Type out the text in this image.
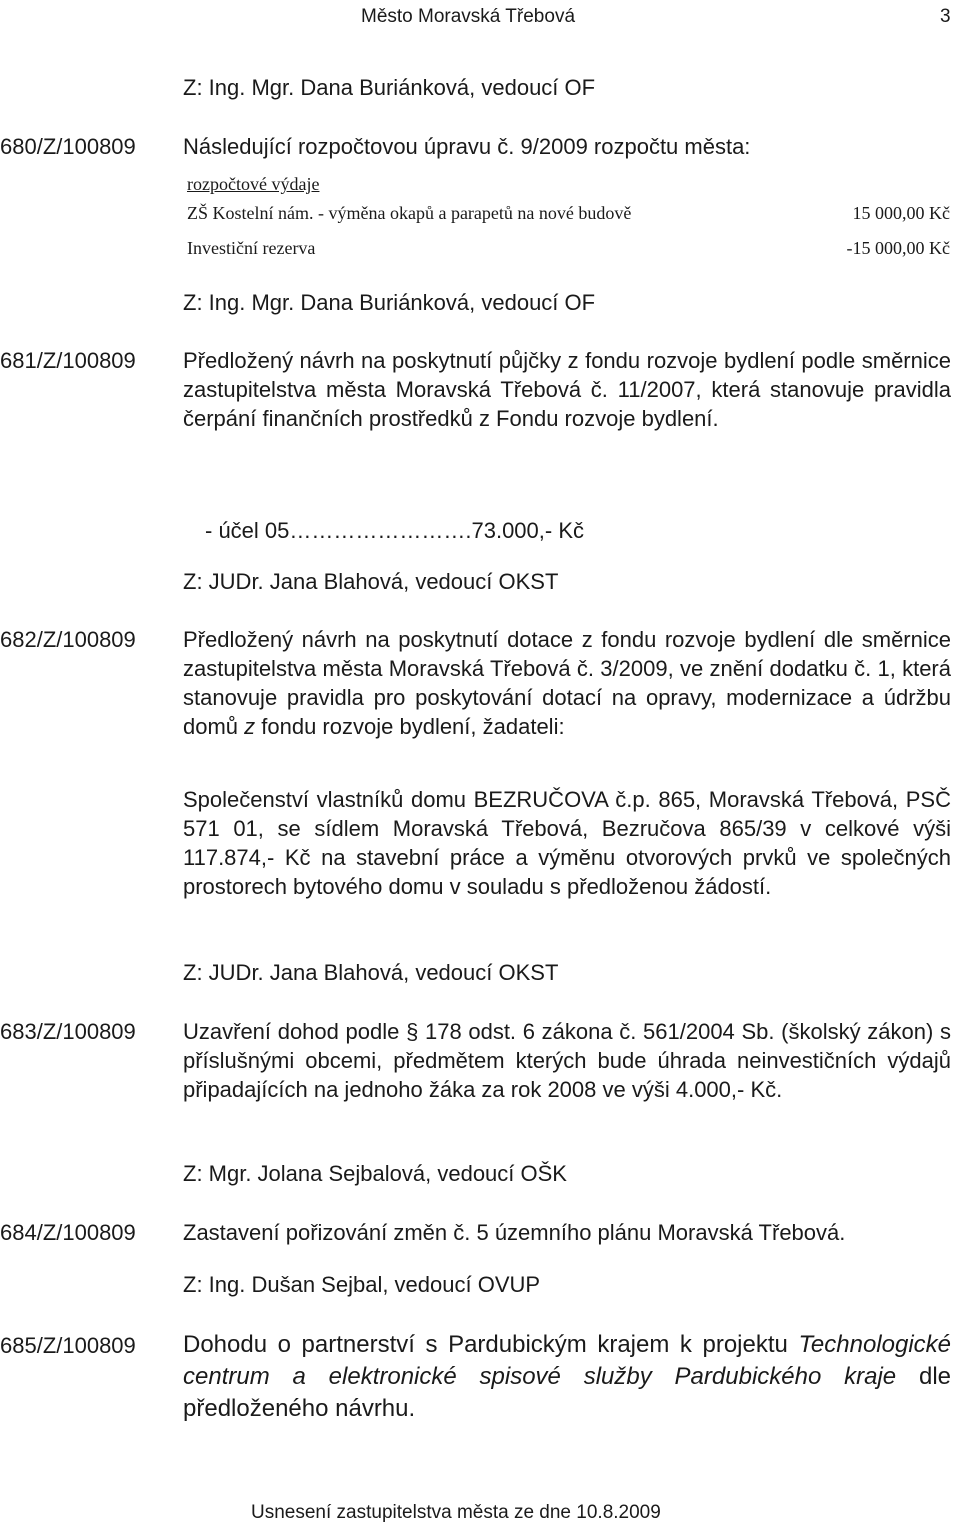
Město Moravská Třebová	3
Z: Ing. Mgr. Dana Buriánková, vedoucí OF
680/Z/100809	Následující rozpočtovou úpravu č. 9/2009 rozpočtu města:
rozpočtové výdaje
ZŠ Kostelní nám. - výměna okapů a parapetů na nové budově	15 000,00 Kč
Investiční rezerva	-15 000,00 Kč
Z: Ing. Mgr. Dana Buriánková, vedoucí OF
681/Z/100809	Předložený návrh na poskytnutí půjčky z fondu rozvoje bydlení podle směrnice zastupitelstva města Moravská Třebová č. 11/2007, která stanovuje pravidla čerpání finančních prostředků z Fondu rozvoje bydlení.
- účel 05…………………….73.000,- Kč
Z: JUDr. Jana Blahová, vedoucí OKST
682/Z/100809	Předložený návrh na poskytnutí dotace z fondu rozvoje bydlení dle směrnice zastupitelstva města Moravská Třebová č. 3/2009, ve znění dodatku č. 1, která stanovuje pravidla pro poskytování dotací na opravy, modernizace a údržbu domů z fondu rozvoje bydlení, žadateli:
Společenství vlastníků domu BEZRUČOVA č.p. 865, Moravská Třebová, PSČ 571 01, se sídlem Moravská Třebová, Bezručova 865/39 v celkové výši 117.874,- Kč na stavební práce a výměnu otvorových prvků ve společných prostorech bytového domu v souladu s předloženou žádostí.
Z: JUDr. Jana Blahová, vedoucí OKST
683/Z/100809	Uzavření dohod podle § 178 odst. 6 zákona č. 561/2004 Sb. (školský zákon) s příslušnými obcemi, předmětem kterých bude úhrada neinvestičních výdajů připadajících na jednoho žáka za rok 2008 ve výši 4.000,- Kč.
Z: Mgr. Jolana Sejbalová, vedoucí OŠK
684/Z/100809	Zastavení pořizování změn č. 5 územního plánu Moravská Třebová.
Z: Ing. Dušan Sejbal, vedoucí OVUP
685/Z/100809	Dohodu o partnerství s Pardubickým krajem k projektu Technologické centrum a elektronické spisové služby Pardubického kraje dle předloženého návrhu.
Usnesení zastupitelstva města ze dne 10.8.2009
